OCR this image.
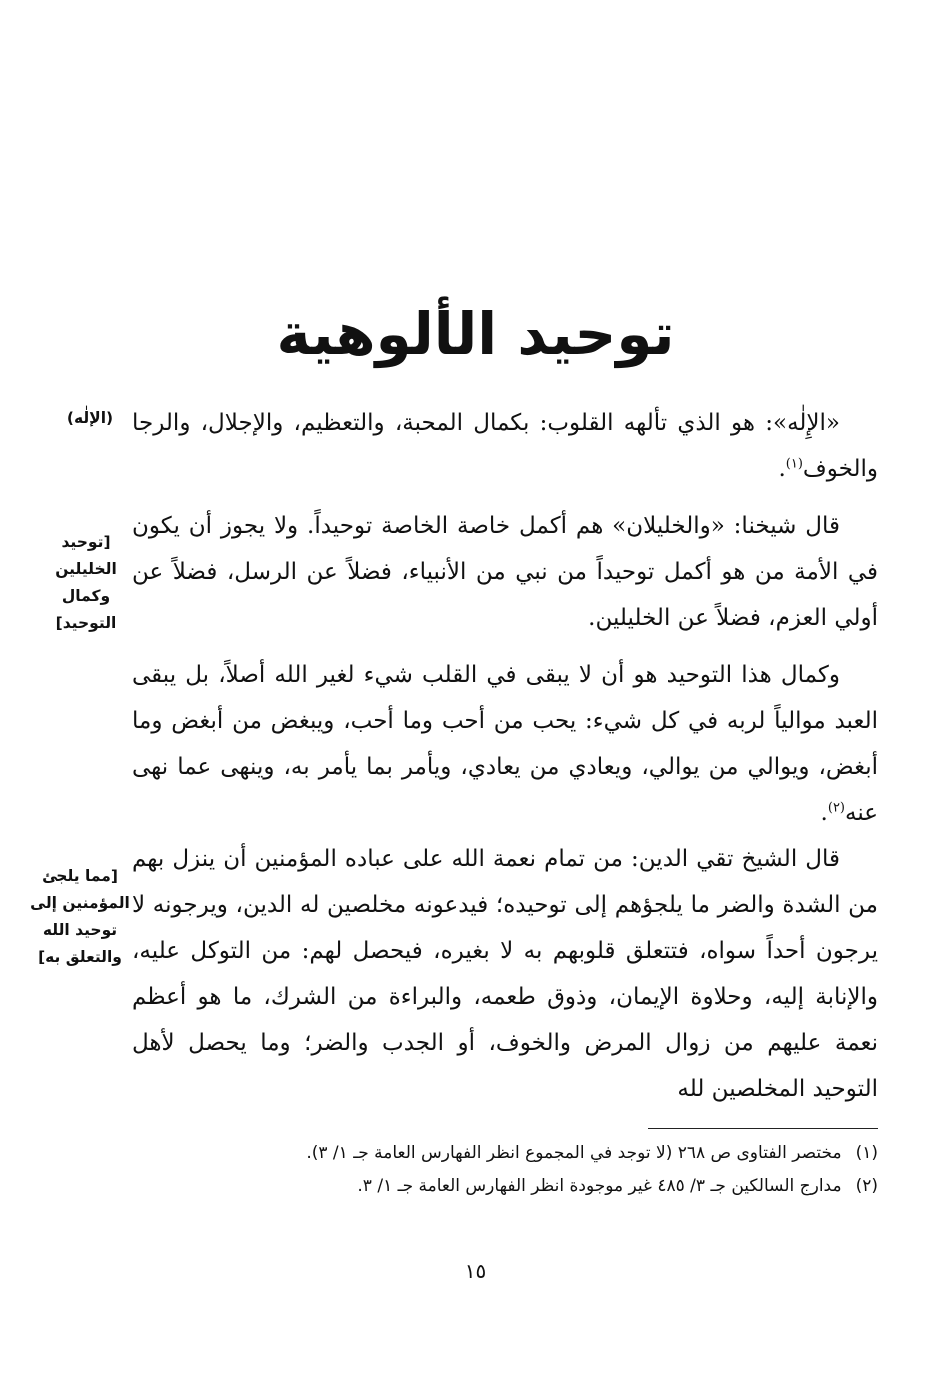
توحيد الألوهية

«الإِلٰه»: هو الذي تألهه القلوب: بكمال المحبة، والتعظيم، والإجلال، والرجا والخوف$^{(١)}$.

(الإلٰه)

قال شيخنا: «والخليلان» هم أكمل خاصة الخاصة توحيداً. ولا يجوز أن يكون في الأمة من هو أكمل توحيداً من نبي من الأنبياء، فضلاً عن الرسل، فضلاً عن أولي العزم، فضلاً عن الخليلين.

[توحيد الخليلين وكمال التوحيد]

وكمال هذا التوحيد هو أن لا يبقى في القلب شيء لغير الله أصلاً، بل يبقى العبد موالياً لربه في كل شيء: يحب من أحب وما أحب، ويبغض من أبغض وما أبغض، ويوالي من يوالي، ويعادي من يعادي، ويأمر بما يأمر به، وينهى عما نهى عنه$^{(٢)}$.

قال الشيخ تقي الدين: من تمام نعمة الله على عباده المؤمنين أن ينزل بهم من الشدة والضر ما يلجؤهم إلى توحيده؛ فيدعونه مخلصين له الدين، ويرجونه لا يرجون أحداً سواه، فتتعلق قلوبهم به لا بغيره، فيحصل لهم: من التوكل عليه، والإنابة إليه، وحلاوة الإيمان، وذوق طعمه، والبراءة من الشرك، ما هو أعظم نعمة عليهم من زوال المرض والخوف، أو الجدب والضر؛ وما يحصل لأهل التوحيد المخلصين لله

[مما يلجئ المؤمنين إلى توحيد الله والتعلق به]
(١)مختصر الفتاوى ص ٢٦٨ (لا توجد في المجموع انظر الفهارس العامة جـ ١/ ٣).
(٢)مدارج السالكين جـ ٣/ ٤٨٥ غير موجودة انظر الفهارس العامة جـ ١/ ٣.
١٥
